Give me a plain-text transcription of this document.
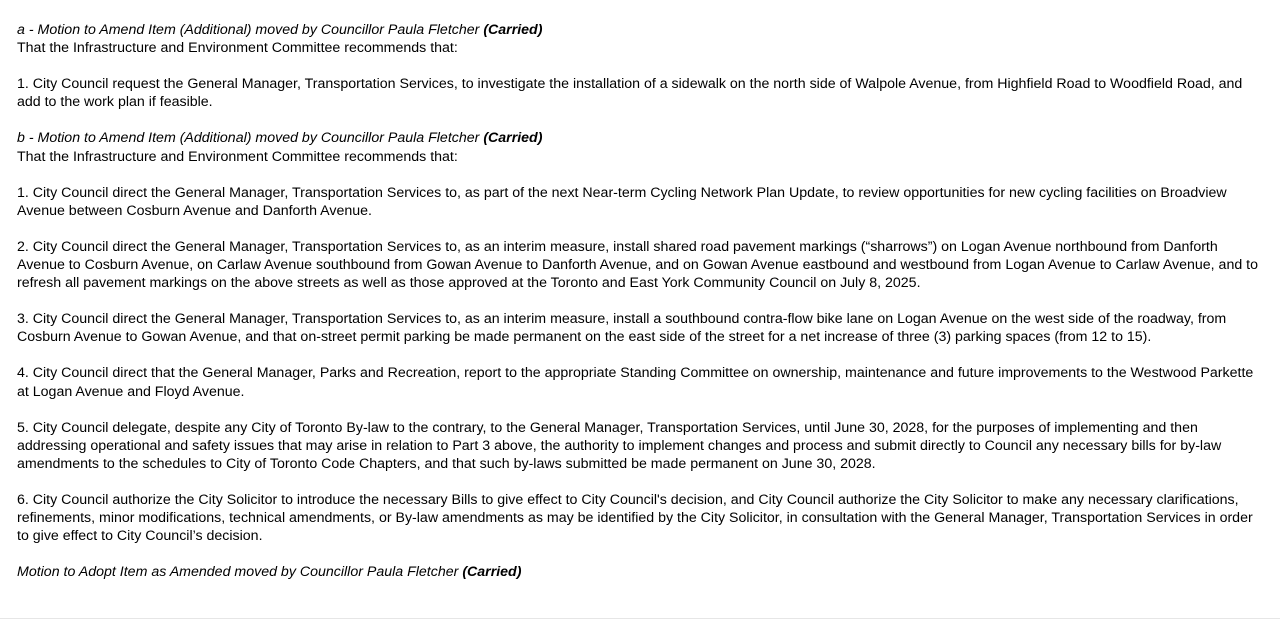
a - Motion to Amend Item (Additional) moved by Councillor Paula Fletcher (Carried)
That the Infrastructure and Environment Committee recommends that:
1. City Council request the General Manager, Transportation Services, to investigate the installation of a sidewalk on the north side of Walpole Avenue, from Highfield Road to Woodfield Road, and add to the work plan if feasible.
b - Motion to Amend Item (Additional) moved by Councillor Paula Fletcher (Carried)
That the Infrastructure and Environment Committee recommends that:
1. City Council direct the General Manager, Transportation Services to, as part of the next Near-term Cycling Network Plan Update, to review opportunities for new cycling facilities on Broadview Avenue between Cosburn Avenue and Danforth Avenue.
2. City Council direct the General Manager, Transportation Services to, as an interim measure, install shared road pavement markings (“sharrows”) on Logan Avenue northbound from Danforth Avenue to Cosburn Avenue, on Carlaw Avenue southbound from Gowan Avenue to Danforth Avenue, and on Gowan Avenue eastbound and westbound from Logan Avenue to Carlaw Avenue, and to refresh all pavement markings on the above streets as well as those approved at the Toronto and East York Community Council on July 8, 2025.
3. City Council direct the General Manager, Transportation Services to, as an interim measure, install a southbound contra-flow bike lane on Logan Avenue on the west side of the roadway, from Cosburn Avenue to Gowan Avenue, and that on-street permit parking be made permanent on the east side of the street for a net increase of three (3) parking spaces (from 12 to 15).
4. City Council direct that the General Manager, Parks and Recreation, report to the appropriate Standing Committee on ownership, maintenance and future improvements to the Westwood Parkette at Logan Avenue and Floyd Avenue.
5. City Council delegate, despite any City of Toronto By-law to the contrary, to the General Manager, Transportation Services, until June 30, 2028, for the purposes of implementing and then addressing operational and safety issues that may arise in relation to Part 3 above, the authority to implement changes and process and submit directly to Council any necessary bills for by-law amendments to the schedules to City of Toronto Code Chapters, and that such by-laws submitted be made permanent on June 30, 2028.
6. City Council authorize the City Solicitor to introduce the necessary Bills to give effect to City Council's decision, and City Council authorize the City Solicitor to make any necessary clarifications, refinements, minor modifications, technical amendments, or By-law amendments as may be identified by the City Solicitor, in consultation with the General Manager, Transportation Services in order to give effect to City Council’s decision.
Motion to Adopt Item as Amended moved by Councillor Paula Fletcher (Carried)
